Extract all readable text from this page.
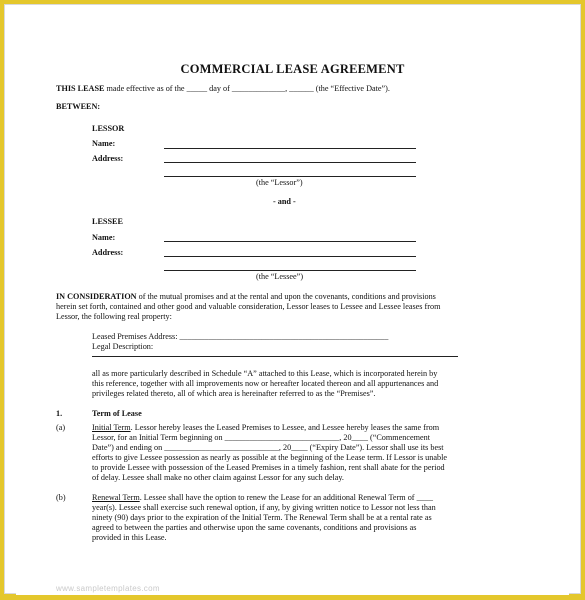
COMMERCIAL LEASE AGREEMENT
THIS LEASE made effective as of the _____ day of _____________, ______ (the “Effective Date”).
BETWEEN:
LESSOR
Name:
Address:
(the “Lessor”)
- and -
LESSEE
Name:
Address:
(the “Lessee”)
IN CONSIDERATION of the mutual promises and at the rental and upon the covenants, conditions and provisions
herein set forth, contained and other good and valuable consideration, Lessor leases to Lessee and Lessee leases from
Lessor, the following real property:
Leased Premises Address: ___________________________________________________
Legal Description:
all as more particularly described in Schedule “A” attached to this Lease, which is incorporated herein by
this reference, together with all improvements now or hereafter located thereon and all appurtenances and
privileges related thereto, all of which area is hereinafter referred to as the “Premises”.
1.	Term of Lease
(a)	Initial Term. Lessor hereby leases the Leased Premises to Lessee, and Lessee hereby leases the same from
Lessor, for an Initial Term beginning on ____________________________, 20____ (“Commencement
Date”) and ending on ____________________________, 20____ (“Expiry Date”). Lessor shall use its best
efforts to give Lessee possession as nearly as possible at the beginning of the Lease term. If Lessor is unable
to provide Lessee with possession of the Leased Premises in a timely fashion, rent shall abate for the period
of delay. Lessee shall make no other claim against Lessor for any such delay.
(b)	Renewal Term. Lessee shall have the option to renew the Lease for an additional Renewal Term of ____
year(s). Lessee shall exercise such renewal option, if any, by giving written notice to Lessor not less than
ninety (90) days prior to the expiration of the Initial Term. The Renewal Term shall be at a rental rate as
agreed to between the parties and otherwise upon the same covenants, conditions and provisions as
provided in this Lease.
www.sampletemplates.com
